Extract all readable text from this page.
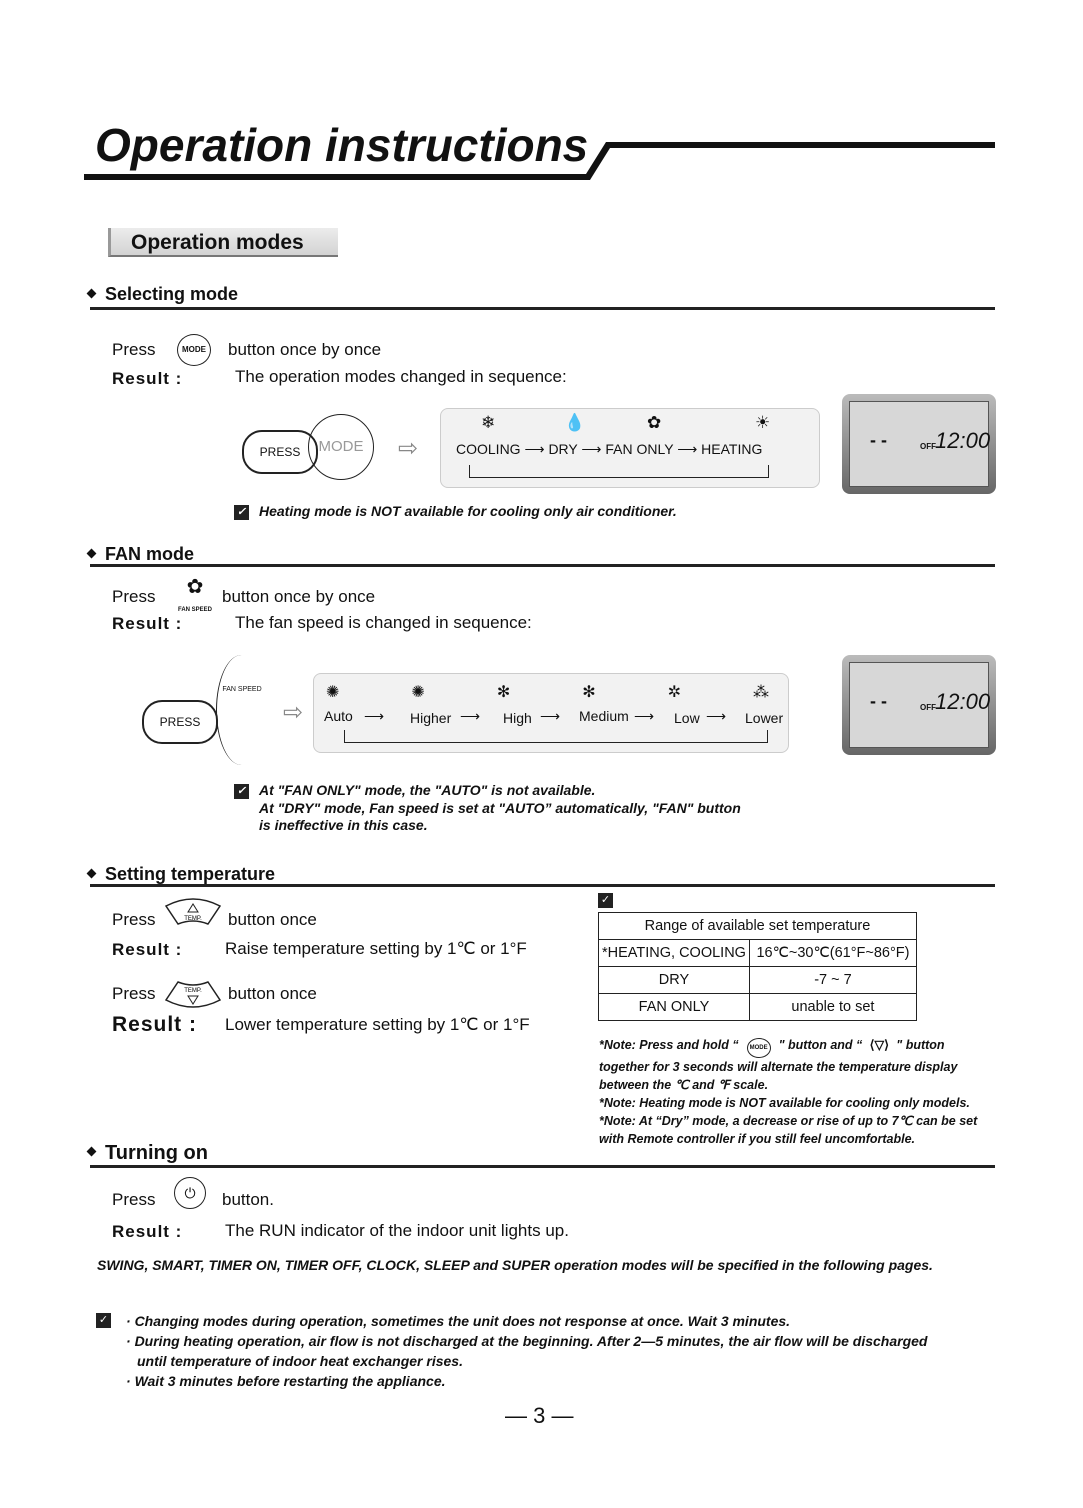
Operation instructions
Operation modes
Selecting mode
Press	MODE button once by once
Result :	The operation modes changed in sequence:
PRESS	MODE	⇨
❄	💧	✿	☀
COOLING ⟶ DRY ⟶ FAN ONLY ⟶ HEATING	- -	OFF 12:00
✓ Heating mode is NOT available for cooling only air conditioner.
FAN mode
Press	✿
FAN SPEED
button once by once
Result :	The fan speed is changed in sequence:
PRESS
FAN SPEED
⇨ Auto ⟶ Higher ⟶ High ⟶ Medium ⟶ Low ⟶ Lower
✺✺✻✻✲⁂ - -	OFF 12:00
✓ At "FAN ONLY" mode, the "AUTO" is not available.
At "DRY" mode, Fan speed is set at "AUTO” automatically, "FAN" button
is ineffective in this case.
Setting temperature
Press	TEMP. button once
Result :	Raise temperature setting by 1℃ or 1°F
Press	TEMP. button once
Result : Lower temperature setting by 1℃ or 1°F
✓
Range of available set temperature	
*HEATING, COOLING	16℃~30℃(61°F~86°F)
DRY	-7 ~ 7
FAN ONLY	unable to set
*Note: Press and hold “ MODE " button and “ ⟨▽⟩ " button
together for 3 seconds will alternate the temperature display
between the ℃ and ℉ scale.
*Note: Heating mode is NOT available for cooling only models.
*Note: At “Dry” mode, a decrease or rise of up to 7℃ can be set
with Remote controller if you still feel uncomfortable.
Turning on
Press	⏻	button.
Result :	The RUN indicator of the indoor unit lights up.
SWING, SMART, TIMER ON, TIMER OFF, CLOCK, SLEEP and SUPER operation modes will be specified in the following pages.
✓	· Changing modes during operation, sometimes the unit does not response at once. Wait 3 minutes.
· During heating operation, air flow is not discharged at the beginning. After 2—5 minutes, the air flow will be discharged
until temperature of indoor heat exchanger rises.
· Wait 3 minutes before restarting the appliance.
— 3 —
